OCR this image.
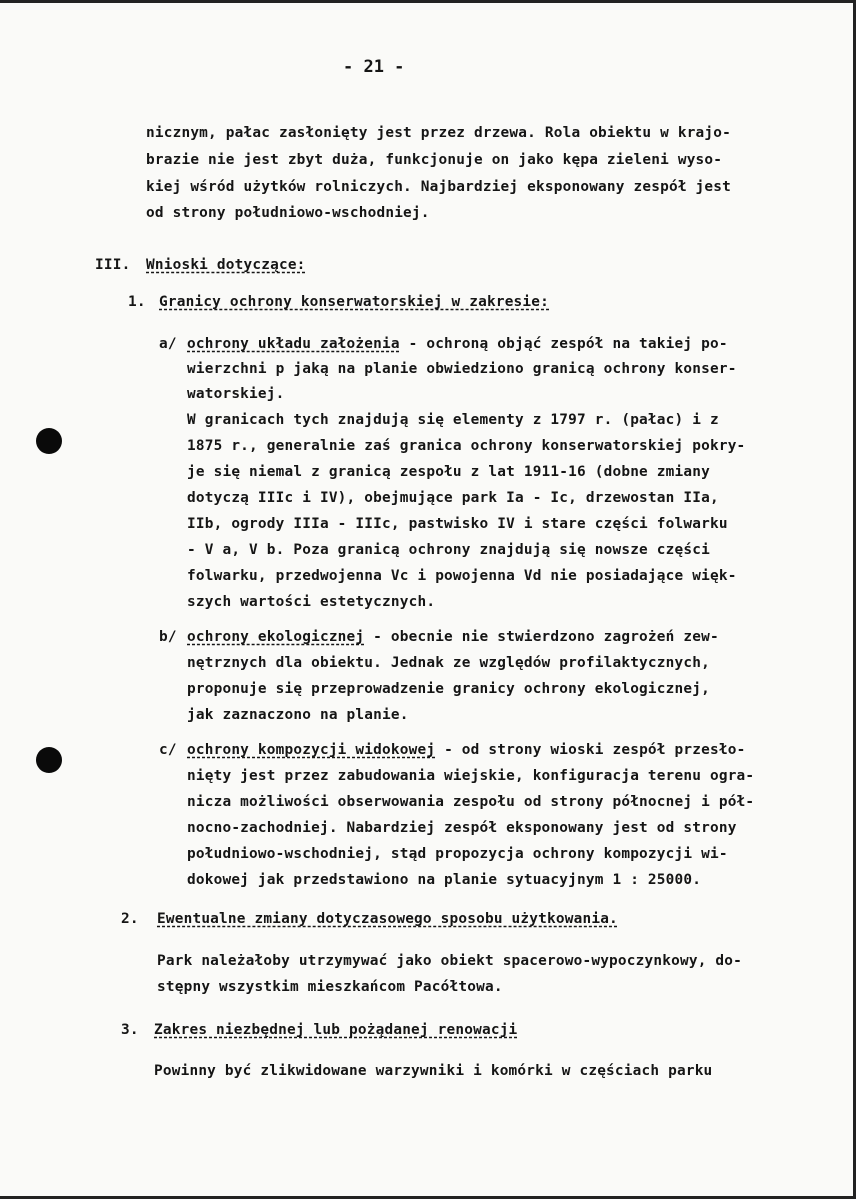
- 21 -
nicznym, pałac zasłonięty jest przez drzewa. Rola obiektu w krajo-
brazie nie jest zbyt duża, funkcjonuje on jako kępa zieleni wyso-
kiej wśród użytków rolniczych. Najbardziej eksponowany zespół jest
od strony południowo-wschodniej.
III. Wnioski dotyczące:
1. Granicy ochrony konserwatorskiej w zakresie:
a/ ochrony układu założenia - ochroną objąć zespół na takiej po-
wierzchni p jaką na planie obwiedziono granicą ochrony konser-
watorskiej.
W granicach tych znajdują się elementy z 1797 r. (pałac) i z
1875 r., generalnie zaś granica ochrony konserwatorskiej pokry-
je się niemal z granicą zespołu z lat 1911-16 (dobne zmiany
dotyczą IIIc i IV), obejmujące park Ia - Ic, drzewostan IIa,
IIb, ogrody IIIa - IIIc, pastwisko IV i stare części folwarku
- V a, V b. Poza granicą ochrony znajdują się nowsze części
folwarku, przedwojenna Vc i powojenna Vd nie posiadające więk-
szych wartości estetycznych.
b/ ochrony ekologicznej - obecnie nie stwierdzono zagrożeń zew-
nętrznych dla obiektu. Jednak ze względów profilaktycznych,
proponuje się przeprowadzenie granicy ochrony ekologicznej,
jak zaznaczono na planie.
c/ ochrony kompozycji widokowej - od strony wioski zespół przesło-
nięty jest przez zabudowania wiejskie, konfiguracja terenu ogra-
nicza możliwości obserwowania zespołu od strony północnej i pół-
nocno-zachodniej. Nabardziej zespół eksponowany jest od strony
południowo-wschodniej, stąd propozycja ochrony kompozycji wi-
dokowej jak przedstawiono na planie sytuacyjnym 1 : 25000.
2. Ewentualne zmiany dotyczasowego sposobu użytkowania.
Park należałoby utrzymywać jako obiekt spacerowo-wypoczynkowy, do-
stępny wszystkim mieszkańcom Pacółtowa.
3. Zakres niezbędnej lub pożądanej renowacji
Powinny być zlikwidowane warzywniki i komórki w częściach parku
